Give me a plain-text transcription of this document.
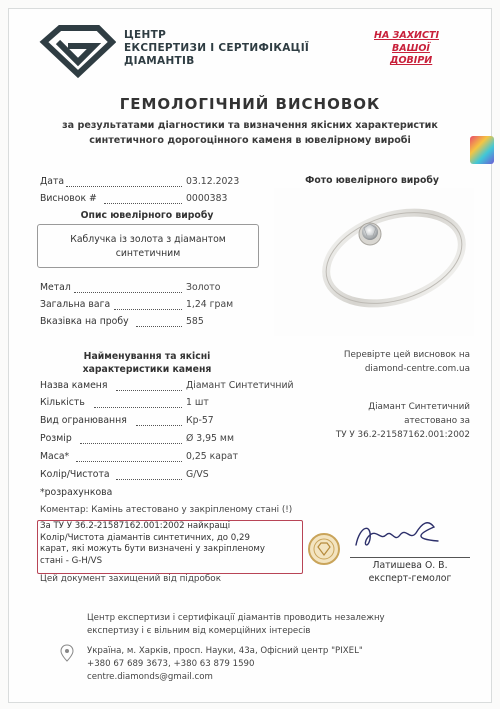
ЦЕНТР
ЕКСПЕРТИЗИ І СЕРТИФІКАЦІЇ
ДІАМАНТІВ
НА ЗАХИСТІ
ВАШОЇ
ДОВІРИ
ГЕМОЛОГІЧНИЙ ВИСНОВОК
за результатами діагностики та визначення якісних характеристик
синтетичного дорогоцінного каменя в ювелірному виробі
Дата	03.12.2023
Висновок #	0000383
Опис ювелірного виробу
Каблучка із золота з діамантом
синтетичним
Метал	Золото
Загальна вага	1,24 грам
Вказівка на пробу	585
Найменування та якісні
характеристики каменя
Назва каменя	Діамант Синтетичний
Кількість	1 шт
Вид огранювання	Кр-57
Розмір	Ø 3,95 мм
Маса*	0,25 карат
Колір/Чистота	G/VS
*розрахункова
Фото ювелірного виробу
Перевірте цей висновок на
diamond-centre.com.ua
Діамант Синтетичний
атестовано за
ТУ У 36.2-21587162.001:2002
Коментар: Камінь атестовано у закріпленому стані (!)
За ТУ У 36.2-21587162.001:2002 найкращі
Колір/Чистота діамантів синтетичних, до 0,29
карат, які можуть бути визначені у закріпленому
стані - G-H/VS	Латишева О. В.
експерт-гемолог
Цей документ захищений від підробок
Центр експертизи і сертифікації діамантів проводить незалежну
експертизу і є вільним від комерційних інтересів
Україна, м. Харків, просп. Науки, 43а, Офісний центр "PIXEL"
+380 67 689 3673, +380 63 879 1590
centre.diamonds@gmail.com
